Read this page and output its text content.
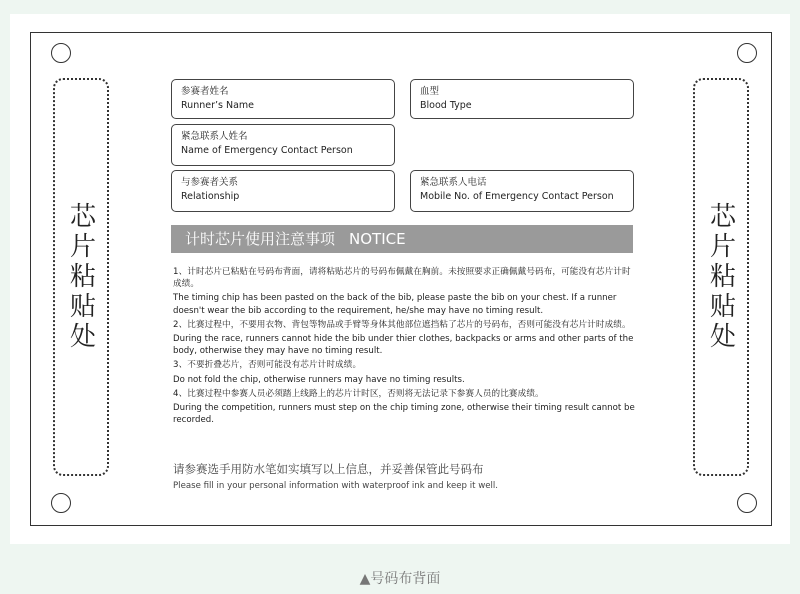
芯片粘贴处	芯片粘贴处
参赛者姓名
Runner’s Name
血型
Blood Type
紧急联系人姓名
Name of Emergency Contact Person
与参赛者关系
Relationship
紧急联系人电话
Mobile No. of Emergency Contact Person
计时芯片使用注意事项 NOTICE

1、计时芯片已粘贴在号码布背面，请将粘贴芯片的号码布佩戴在胸前。未按照要求正确佩戴号码布，可能没有芯片计时成绩。

The timing chip has been pasted on the back of the bib, please paste the bib on your chest. If a runner doesn't wear the bib according to the requirement, he/she may have no timing result.

2、比赛过程中，不要用衣物、背包等物品或手臂等身体其他部位遮挡粘了芯片的号码布，否则可能没有芯片计时成绩。

During the race, runners cannot hide the bib under thier clothes, backpacks or arms and other parts of the body, otherwise they may have no timing result.

3、不要折叠芯片，否则可能没有芯片计时成绩。

Do not fold the chip, otherwise runners may have no timing results.

4、比赛过程中参赛人员必须踏上线路上的芯片计时区，否则将无法记录下参赛人员的比赛成绩。

During the competition, runners must step on the chip timing zone, otherwise their timing result cannot be recorded.

请参赛选手用防水笔如实填写以上信息，并妥善保管此号码布
Please fill in your personal information with waterproof ink and keep it well.
▲号码布背面
